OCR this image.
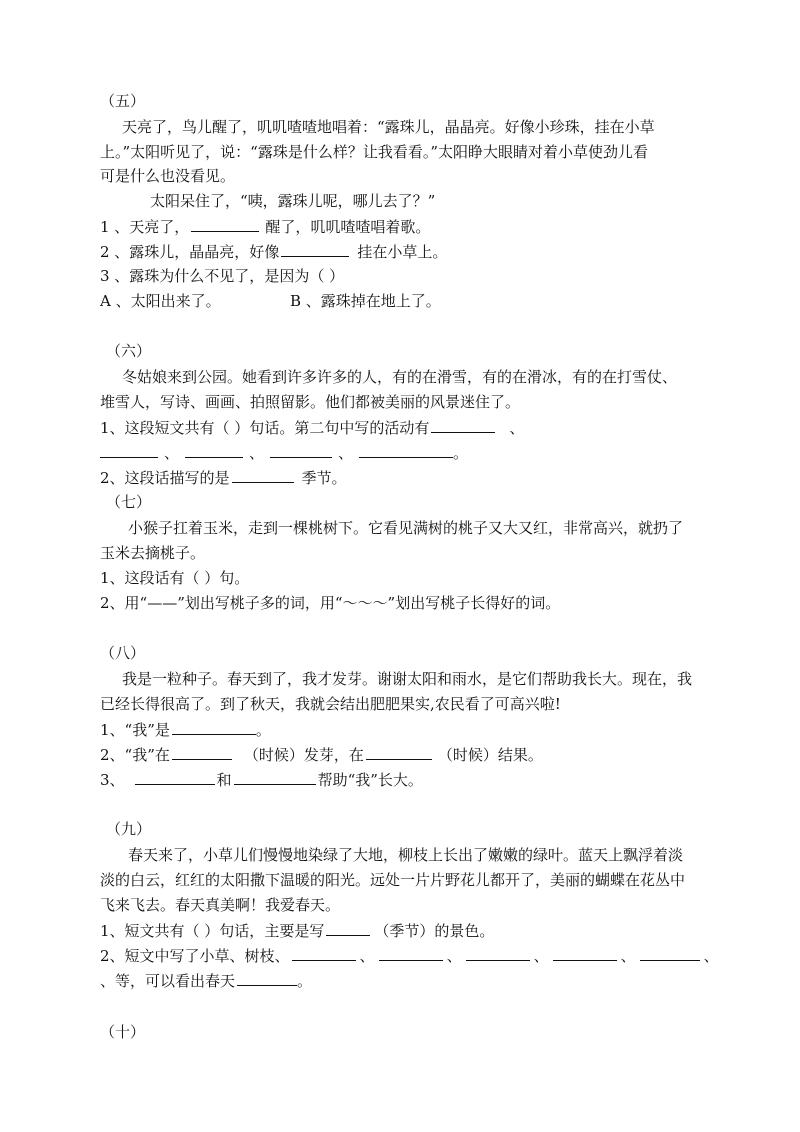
（五）
天亮了，鸟儿醒了，叽叽喳喳地唱着：“露珠儿，晶晶亮。好像小珍珠，挂在小草
上。”太阳听见了，说：“露珠是什么样？让我看看。”太阳睁大眼睛对着小草使劲儿看
可是什么也没看见。
太阳呆住了，“咦，露珠儿呢，哪儿去了？”
1 、天亮了，	醒了，叽叽喳喳唱着歌。
2 、露珠儿，晶晶亮，好像	挂在小草上。
3 、露珠为什么不见了，是因为（ ）
A 、太阳出来了。	B 、露珠掉在地上了。
（六）
冬姑娘来到公园。她看到许多许多的人，有的在滑雪，有的在滑冰，有的在打雪仗、
堆雪人，写诗、画画、拍照留影。他们都被美丽的风景迷住了。
1、这段短文共有（ ）句话。第二句中写的活动有	、
、	、	、	。
2、这段话描写的是	季节。
（七）
小猴子扛着玉米，走到一棵桃树下。它看见满树的桃子又大又红，非常高兴，就扔了
玉米去摘桃子。
1、这段话有（ ）句。
2、用“——”划出写桃子多的词，用“～～～”划出写桃子长得好的词。
（八）
我是一粒种子。春天到了，我才发芽。谢谢太阳和雨水，是它们帮助我长大。现在，我
已经长得很高了。到了秋天，我就会结出肥肥果实,农民看了可高兴啦!
1、“我”是	。
2、“我”在	（时候）发芽，在	（时候）结果。
3、	和	帮助“我”长大。
（九）
春天来了，小草儿们慢慢地染绿了大地，柳枝上长出了嫩嫩的绿叶。蓝天上飘浮着淡
淡的白云，红红的太阳撒下温暖的阳光。远处一片片野花儿都开了，美丽的蝴蝶在花丛中
飞来飞去。春天真美啊！我爱春天。
1、短文共有（ ）句话，主要是写	（季节）的景色。
2、短文中写了小草、树枝、	、	、	、	、	、
、等，可以看出春天	。
（十）
